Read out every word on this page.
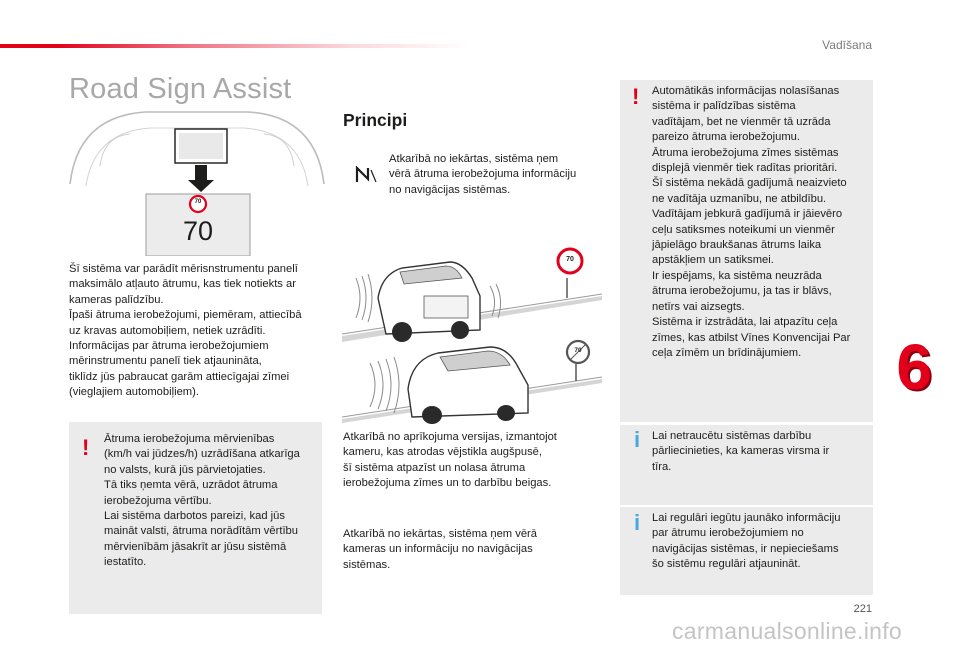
Vadīšana
Road Sign Assist
70
70
Šī sistēma var parādīt mērisnstrumentu panelī
maksimālo atļauto ātrumu, kas tiek notiekts ar
kameras palīdzību.
Īpaši ātruma ierobežojumi, piemēram, attiecībā
uz kravas automobiļiem, netiek uzrādīti.
Informācijas par ātruma ierobežojumiem
mērinstrumentu panelī tiek atjaunināta,
tiklīdz jūs pabraucat garām attiecīgajai zīmei
(vieglajiem automobiļiem).
! Ātruma ierobežojuma mērvienības
(km/h vai jūdzes/h) uzrādīšana atkarīga
no valsts, kurā jūs pārvietojaties.
Tā tiks ņemta vērā, uzrādot ātruma
ierobežojuma vērtību.
Lai sistēma darbotos pareizi, kad jūs
maināt valsti, ātruma norādītām vērtību
mērvienībām jāsakrīt ar jūsu sistēmā
iestatīto.
Principi
Atkarībā no iekārtas, sistēma ņem
vērā ātruma ierobežojuma informāciju
no navigācijas sistēmas.
70
70
Atkarībā no aprīkojuma versijas, izmantojot
kameru, kas atrodas vējstikla augšpusē,
šī sistēma atpazīst un nolasa ātruma
ierobežojuma zīmes un to darbību beigas.
Atkarībā no iekārtas, sistēma ņem vērā
kameras un informāciju no navigācijas
sistēmas.
! Automātikās informācijas nolasīšanas
sistēma ir palīdzības sistēma
vadītājam, bet ne vienmēr tā uzrāda
pareizo ātruma ierobežojumu.
Ātruma ierobežojuma zīmes sistēmas
displejā vienmēr tiek radītas prioritāri.
Šī sistēma nekādā gadījumā neaizvieto
ne vadītāja uzmanību, ne atbildību.
Vadītājam jebkurā gadījumā ir jāievēro
ceļu satiksmes noteikumi un vienmēr
jāpielāgo braukšanas ātrums laika
apstākļiem un satiksmei.
Ir iespējams, ka sistēma neuzrāda
ātruma ierobežojumu, ja tas ir blāvs,
netīrs vai aizsegts.
Sistēma ir izstrādāta, lai atpazītu ceļa
zīmes, kas atbilst Vīnes Konvencijai Par
ceļa zīmēm un brīdinājumiem.
i Lai netraucētu sistēmas darbību
pārliecinieties, ka kameras virsma ir
tīra.
i Lai regulāri iegūtu jaunāko informāciju
par ātrumu ierobežojumiem no
navigācijas sistēmas, ir nepieciešams
šo sistēmu regulāri atjaunināt.
6
221
carmanualsonline.info
